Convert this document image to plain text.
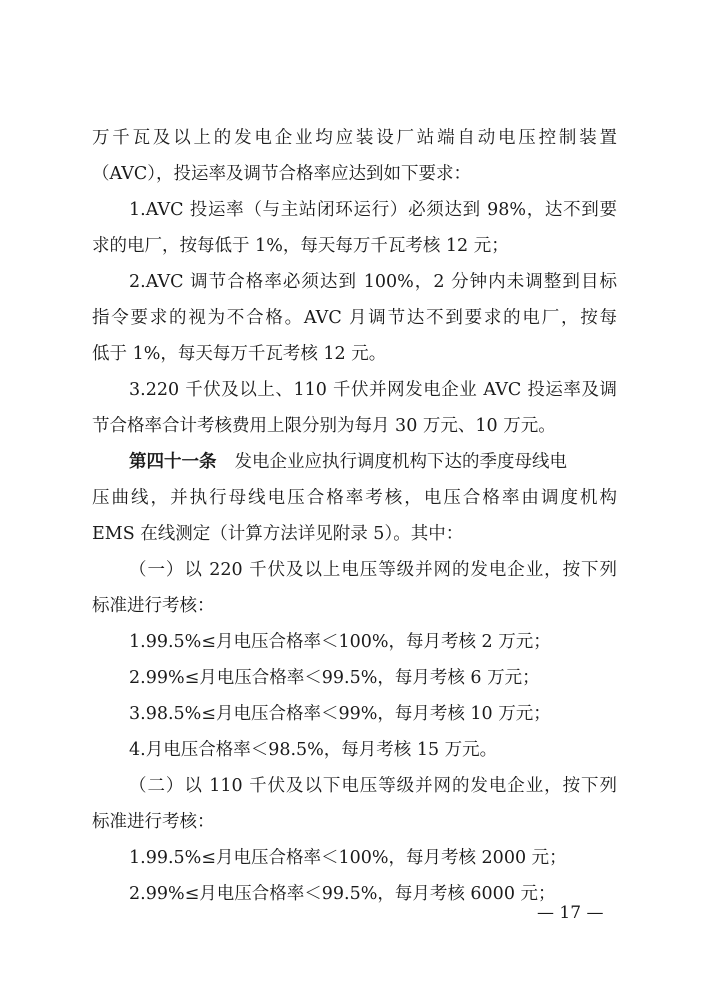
万千瓦及以上的发电企业均应装设厂站端自动电压控制装置
（AVC），投运率及调节合格率应达到如下要求：
1.AVC 投运率（与主站闭环运行）必须达到 98%，达不到要
求的电厂，按每低于 1%，每天每万千瓦考核 12 元；
2.AVC 调节合格率必须达到 100%，2 分钟内未调整到目标
指令要求的视为不合格。AVC 月调节达不到要求的电厂，按每
低于 1%，每天每万千瓦考核 12 元。
3.220 千伏及以上、110 千伏并网发电企业 AVC 投运率及调
节合格率合计考核费用上限分别为每月 30 万元、10 万元。
第四十一条 发电企业应执行调度机构下达的季度母线电
压曲线，并执行母线电压合格率考核，电压合格率由调度机构
EMS 在线测定（计算方法详见附录 5）。其中：
（一）以 220 千伏及以上电压等级并网的发电企业，按下列
标准进行考核：
1.99.5%≤月电压合格率＜100%，每月考核 2 万元；
2.99%≤月电压合格率＜99.5%，每月考核 6 万元；
3.98.5%≤月电压合格率＜99%，每月考核 10 万元；
4.月电压合格率＜98.5%，每月考核 15 万元。
（二）以 110 千伏及以下电压等级并网的发电企业，按下列
标准进行考核：
1.99.5%≤月电压合格率＜100%，每月考核 2000 元；
2.99%≤月电压合格率＜99.5%，每月考核 6000 元；
— 17 —
